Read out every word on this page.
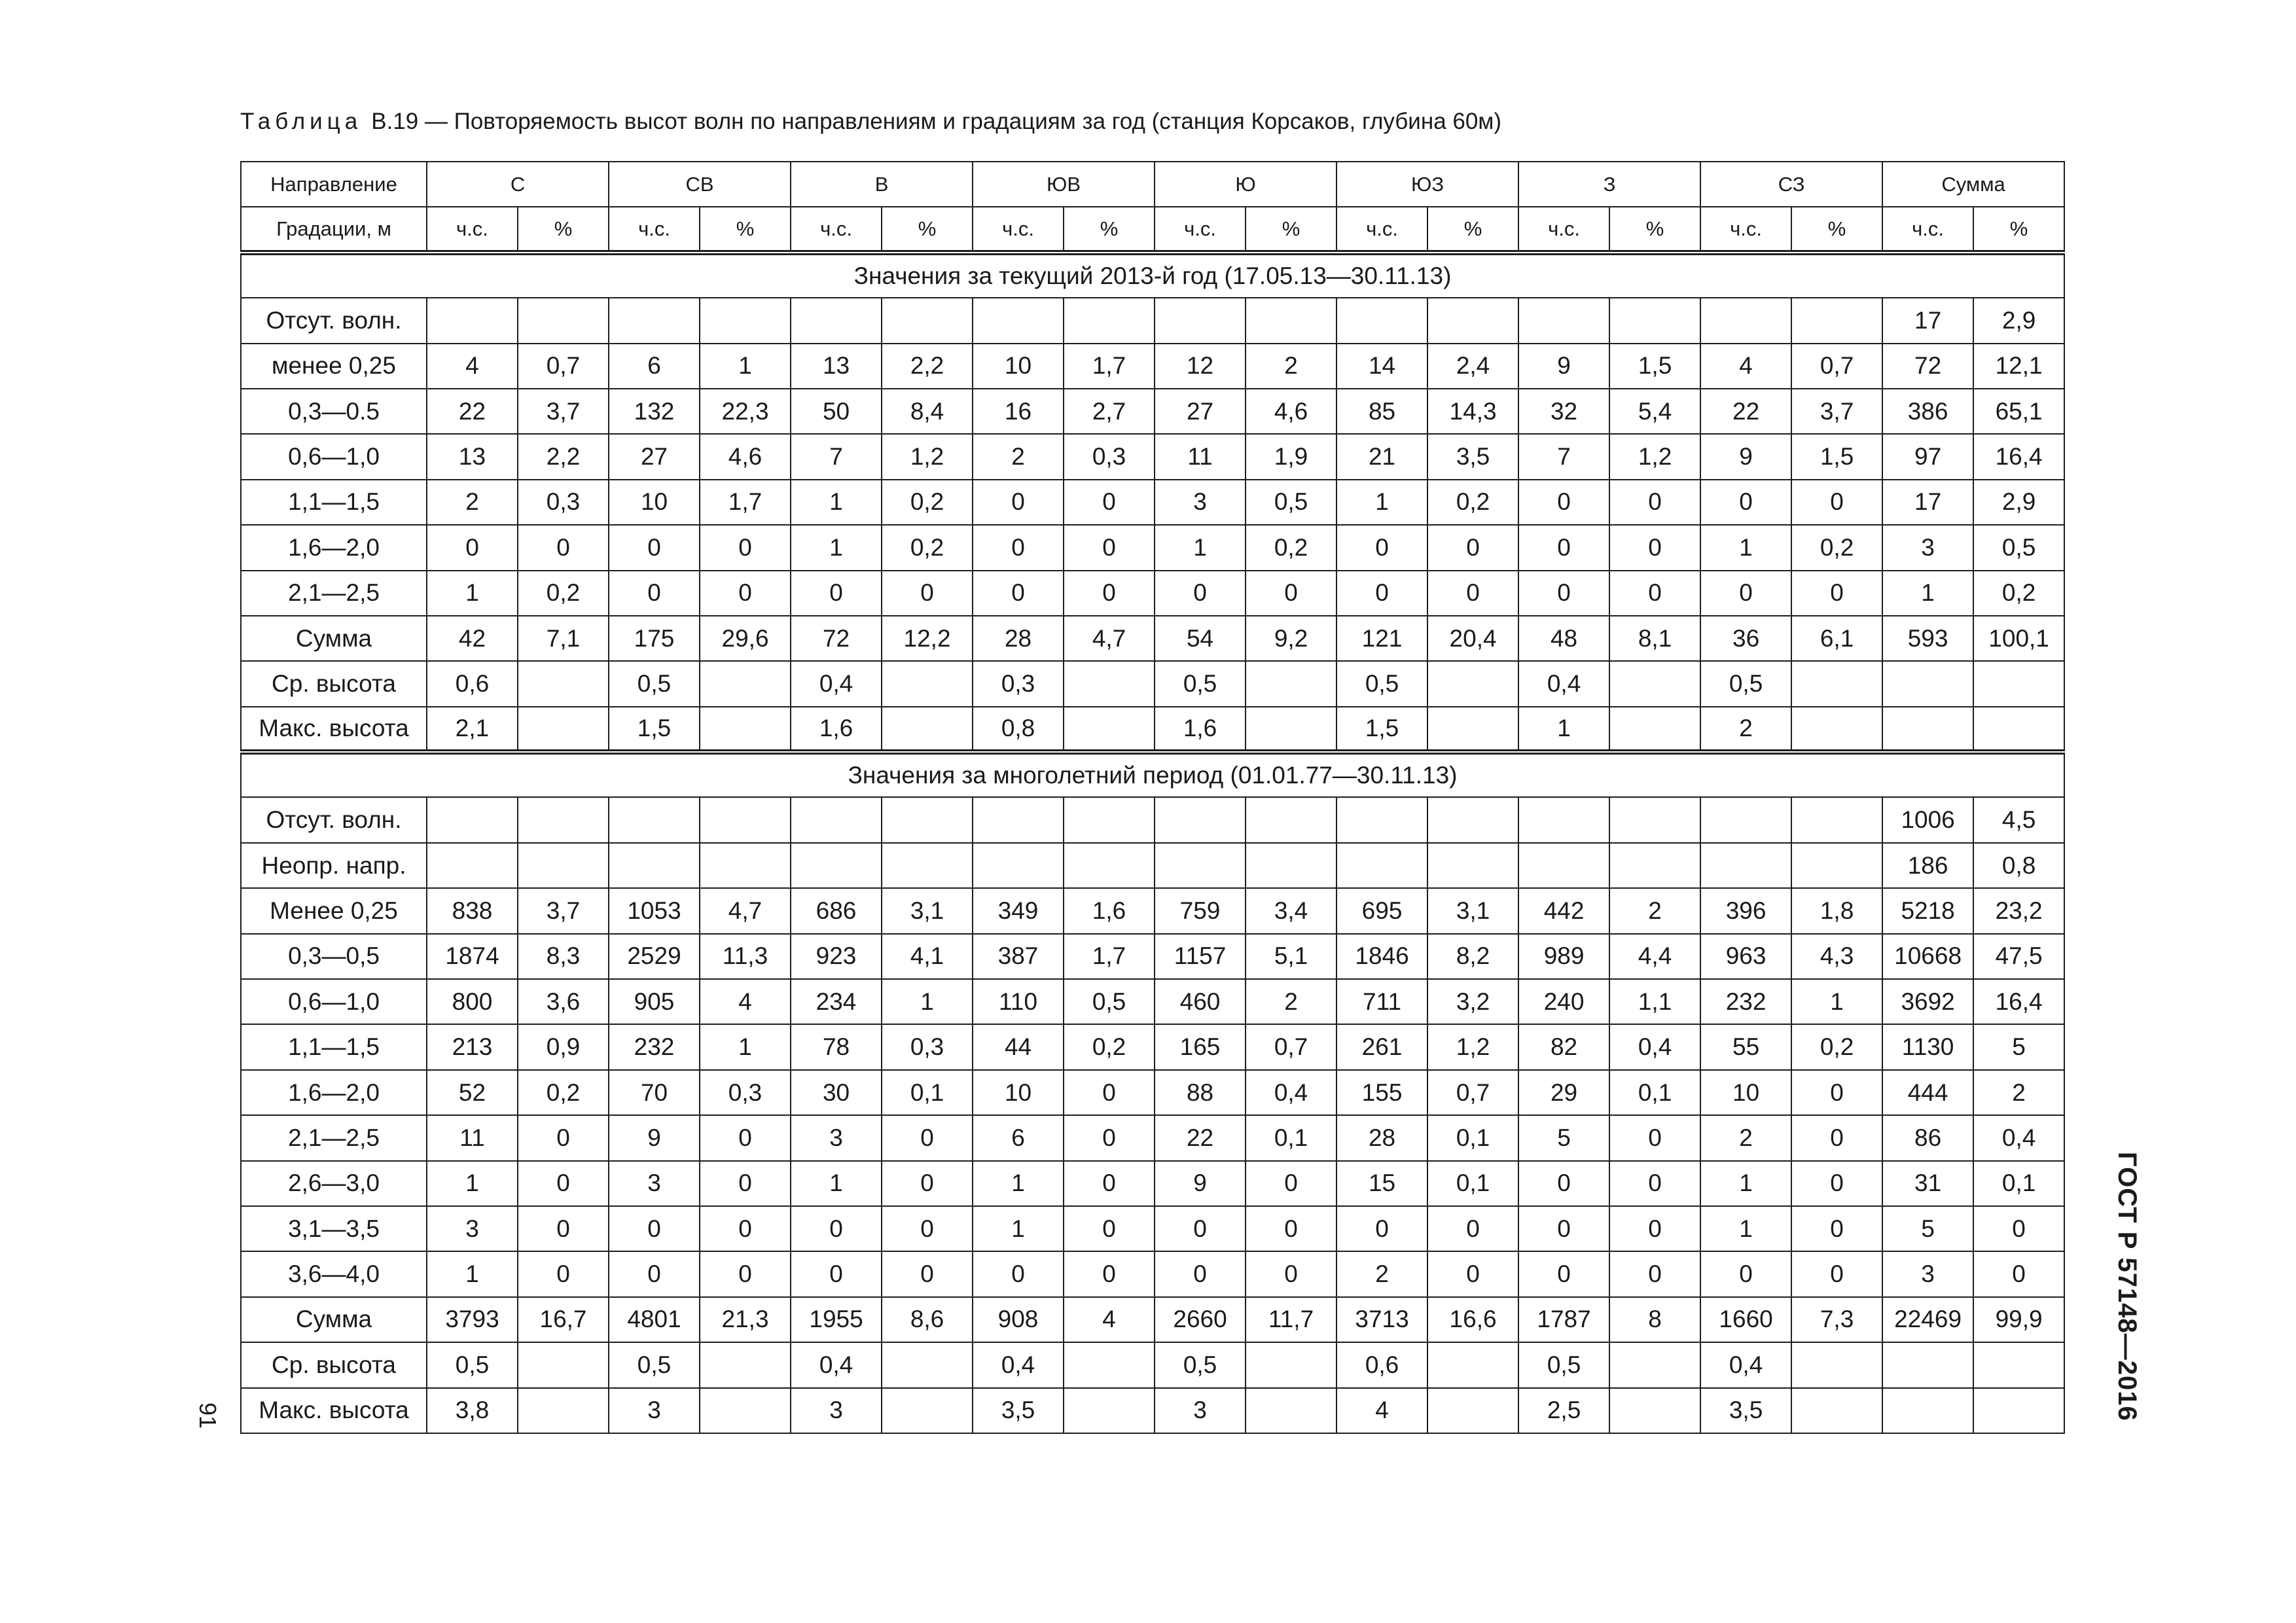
Таблица В.19 — Повторяемость высот волн по направлениям и градациям за год (станция Корсаков, глубина 60м)
Направление	С		СВ		В		ЮВ		Ю		ЮЗ		З		СЗ		Сумма	
Градации, м	ч.с.	%	ч.с.	%	ч.с.	%	ч.с.	%	ч.с.	%	ч.с.	%	ч.с.	%	ч.с.	%	ч.с.	%
Значения за текущий 2013-й год (17.05.13—30.11.13)																		
Отсут. волн.																	17	2,9
менее 0,25	4	0,7	6	1	13	2,2	10	1,7	12	2	14	2,4	9	1,5	4	0,7	72	12,1
0,3—0.5	22	3,7	132	22,3	50	8,4	16	2,7	27	4,6	85	14,3	32	5,4	22	3,7	386	65,1
0,6—1,0	13	2,2	27	4,6	7	1,2	2	0,3	11	1,9	21	3,5	7	1,2	9	1,5	97	16,4
1,1—1,5	2	0,3	10	1,7	1	0,2	0	0	3	0,5	1	0,2	0	0	0	0	17	2,9
1,6—2,0	0	0	0	0	1	0,2	0	0	1	0,2	0	0	0	0	1	0,2	3	0,5
2,1—2,5	1	0,2	0	0	0	0	0	0	0	0	0	0	0	0	0	0	1	0,2
Сумма	42	7,1	175	29,6	72	12,2	28	4,7	54	9,2	121	20,4	48	8,1	36	6,1	593	100,1
Ср. высота	0,6		0,5		0,4		0,3		0,5		0,5		0,4		0,5			
Макс. высота	2,1		1,5		1,6		0,8		1,6		1,5		1		2			
Значения за многолетний период (01.01.77—30.11.13)																		
Отсут. волн.																	1006	4,5
Неопр. напр.																	186	0,8
Менее 0,25	838	3,7	1053	4,7	686	3,1	349	1,6	759	3,4	695	3,1	442	2	396	1,8	5218	23,2
0,3—0,5	1874	8,3	2529	11,3	923	4,1	387	1,7	1157	5,1	1846	8,2	989	4,4	963	4,3	10668	47,5
0,6—1,0	800	3,6	905	4	234	1	110	0,5	460	2	711	3,2	240	1,1	232	1	3692	16,4
1,1—1,5	213	0,9	232	1	78	0,3	44	0,2	165	0,7	261	1,2	82	0,4	55	0,2	1130	5
1,6—2,0	52	0,2	70	0,3	30	0,1	10	0	88	0,4	155	0,7	29	0,1	10	0	444	2
2,1—2,5	11	0	9	0	3	0	6	0	22	0,1	28	0,1	5	0	2	0	86	0,4
2,6—3,0	1	0	3	0	1	0	1	0	9	0	15	0,1	0	0	1	0	31	0,1
3,1—3,5	3	0	0	0	0	0	1	0	0	0	0	0	0	0	1	0	5	0
3,6—4,0	1	0	0	0	0	0	0	0	0	0	2	0	0	0	0	0	3	0
Сумма	3793	16,7	4801	21,3	1955	8,6	908	4	2660	11,7	3713	16,6	1787	8	1660	7,3	22469	99,9
Ср. высота	0,5		0,5		0,4		0,4		0,5		0,6		0,5		0,4			
Макс. высота	3,8		3		3		3,5		3		4		2,5		3,5				ГОСТ Р 57148—2016
91
